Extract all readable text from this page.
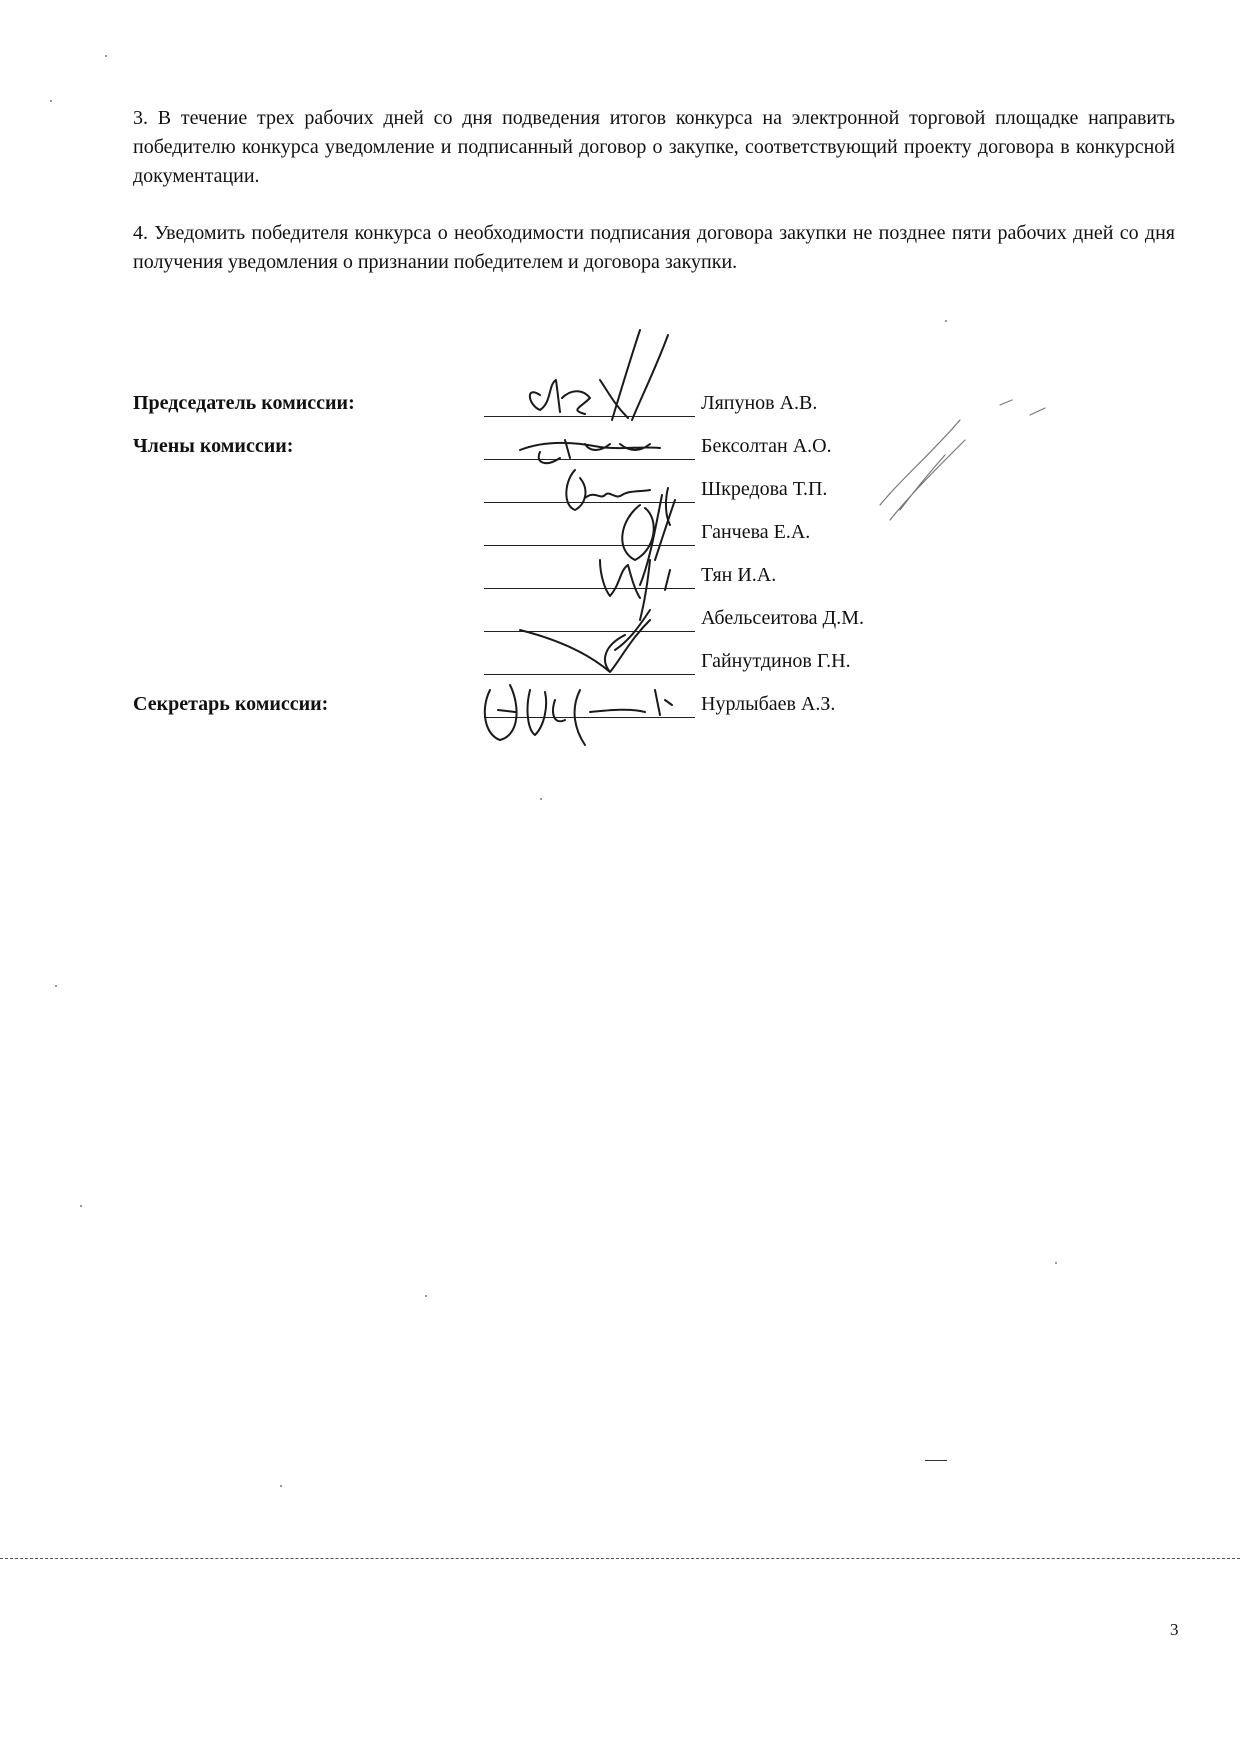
3. В течение трех рабочих дней со дня подведения итогов конкурса на электронной торговой площадке направить победителю конкурса уведомление и подписанный договор о закупке, соответствующий проекту договора в конкурсной документации.

4. Уведомить победителя конкурса о необходимости подписания договора закупки не позднее пяти рабочих дней со дня получения уведомления о признании победителем и договора закупки.

Председатель комиссии:
Члены комиссии:
Секретарь комиссии:
Ляпунов А.В.
Бексолтан А.О.
Шкредова Т.П.
Ганчева Е.А.
Тян И.А.
Абельсеитова Д.М.
Гайнутдинов Г.Н.
Нурлыбаев А.З.
3
